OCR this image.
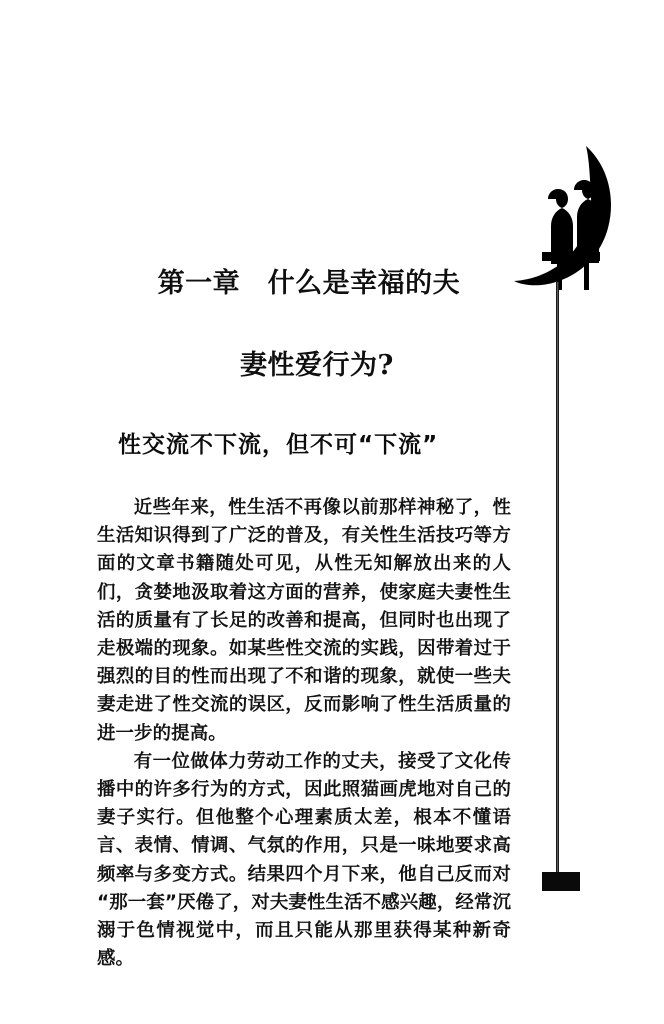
第一章　什么是幸福的夫

妻性爱行为?

性交流不下流，但不可“下流”

近些年来，性生活不再像以前那样神秘了，性生活知识得到了广泛的普及，有关性生活技巧等方面的文章书籍随处可见，从性无知解放出来的人们，贪婪地汲取着这方面的营养，使家庭夫妻性生活的质量有了长足的改善和提高，但同时也出现了走极端的现象。如某些性交流的实践，因带着过于强烈的目的性而出现了不和谐的现象，就使一些夫妻走进了性交流的误区，反而影响了性生活质量的进一步的提高。

有一位做体力劳动工作的丈夫，接受了文化传播中的许多行为的方式，因此照猫画虎地对自己的妻子实行。但他整个心理素质太差，根本不懂语言、表情、情调、气氛的作用，只是一味地要求高频率与多变方式。结果四个月下来，他自己反而对“那一套”厌倦了，对夫妻性生活不感兴趣，经常沉溺于色情视觉中，而且只能从那里获得某种新奇感。
